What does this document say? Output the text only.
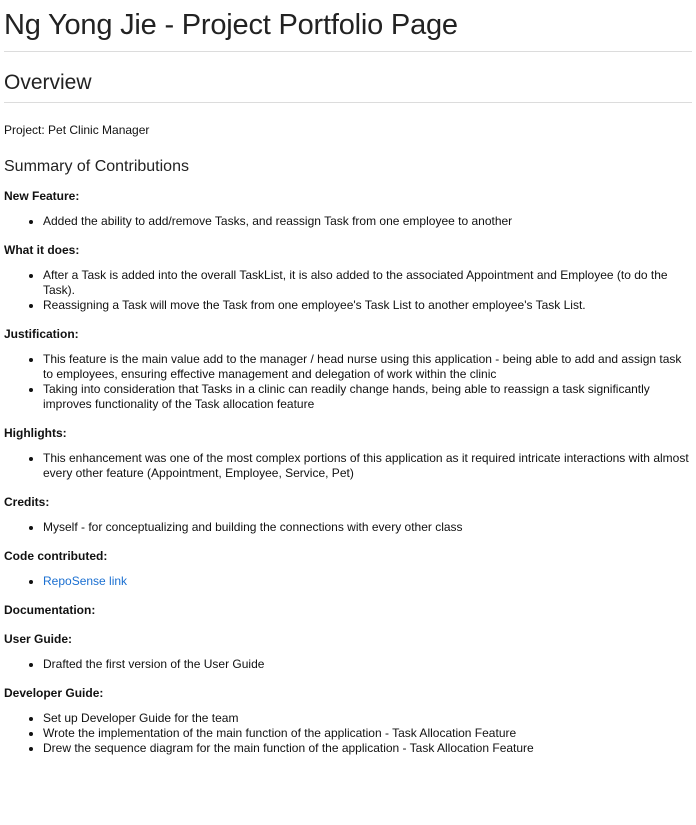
Ng Yong Jie - Project Portfolio Page
Overview

Project: Pet Clinic Manager

Summary of Contributions
New Feature:
• Added the ability to add/remove Tasks, and reassign Task from one employee to another
What it does:
• After a Task is added into the overall TaskList, it is also added to the associated Appointment and Employee (to do the Task).
• Reassigning a Task will move the Task from one employee's Task List to another employee's Task List.
Justification:
• This feature is the main value add to the manager / head nurse using this application - being able to add and assign task to employees, ensuring effective management and delegation of work within the clinic
• Taking into consideration that Tasks in a clinic can readily change hands, being able to reassign a task significantly improves functionality of the Task allocation feature
Highlights:
• This enhancement was one of the most complex portions of this application as it required intricate interactions with almost every other feature (Appointment, Employee, Service, Pet)
Credits:
• Myself - for conceptualizing and building the connections with every other class
Code contributed:
• RepoSense link
Documentation:
User Guide:
• Drafted the first version of the User Guide
Developer Guide:
• Set up Developer Guide for the team
• Wrote the implementation of the main function of the application - Task Allocation Feature
• Drew the sequence diagram for the main function of the application - Task Allocation Feature
